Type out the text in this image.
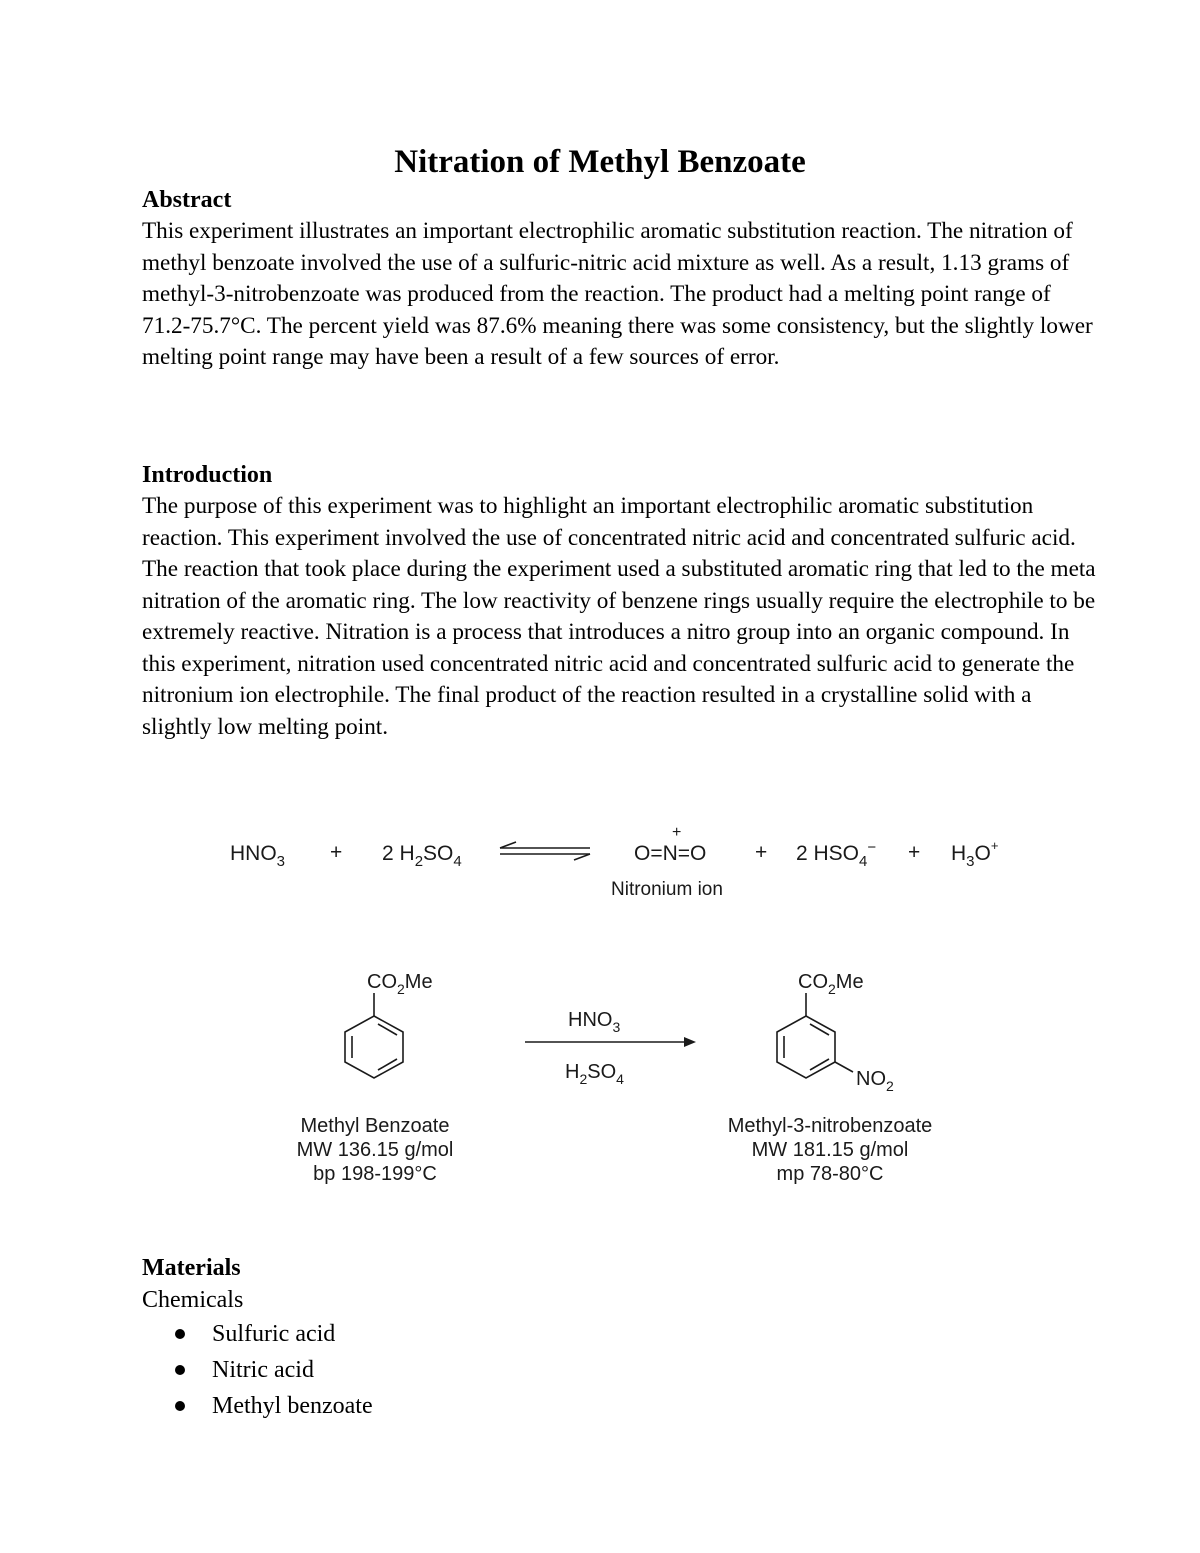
Nitration of Methyl Benzoate

Abstract

This experiment illustrates an important electrophilic aromatic substitution reaction. The nitration of methyl benzoate involved the use of a sulfuric-nitric acid mixture as well. As a result, 1.13 grams of methyl-3-nitrobenzoate was produced from the reaction. The product had a melting point range of 71.2-75.7°C. The percent yield was 87.6% meaning there was some consistency, but the slightly lower melting point range may have been a result of a few sources of error.

Introduction

The purpose of this experiment was to highlight an important electrophilic aromatic substitution reaction. This experiment involved the use of concentrated nitric acid and concentrated sulfuric acid. The reaction that took place during the experiment used a substituted aromatic ring that led to the meta nitration of the aromatic ring. The low reactivity of benzene rings usually require the electrophile to be extremely reactive. Nitration is a process that introduces a nitro group into an organic compound. In this experiment, nitration used concentrated nitric acid and concentrated sulfuric acid to generate the nitronium ion electrophile. The final product of the reaction resulted in a crystalline solid with a slightly low melting point.

$HNO_3 + 2$ $H_2SO_4$
+
O=N=O
Nitronium ion
+ 2 $HSO_4^- + H_3O^+$
$CO_2Me$
$HNO_3$
$H_2SO_4$
$CO_2Me$
$NO_2$
Methyl Benzoate
MW 136.15 g/mol
bp 198-199°C
Methyl-3-nitrobenzoate
MW 181.15 g/mol
mp 78-80°C

Materials

Chemicals

Sulfuric acid
Nitric acid
Methyl benzoate
